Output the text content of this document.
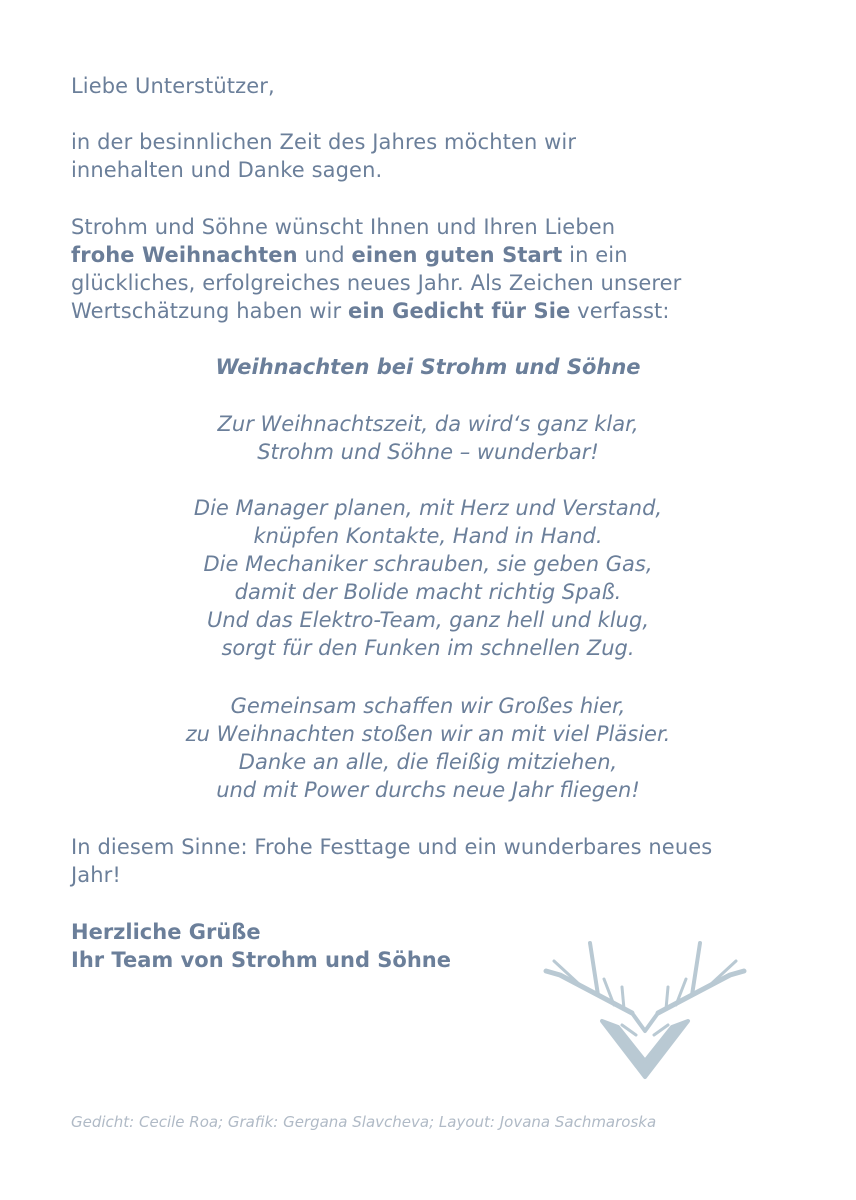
Liebe Unterstützer,
in der besinnlichen Zeit des Jahres möchten wir
innehalten und Danke sagen.
Strohm und Söhne wünscht Ihnen und Ihren Lieben
frohe Weihnachten und einen guten Start in ein
glückliches, erfolgreiches neues Jahr. Als Zeichen unserer
Wertschätzung haben wir ein Gedicht für Sie verfasst:
Weihnachten bei Strohm und Söhne
Zur Weihnachtszeit, da wird‘s ganz klar,
Strohm und Söhne – wunderbar!
Die Manager planen, mit Herz und Verstand,
knüpfen Kontakte, Hand in Hand.
Die Mechaniker schrauben, sie geben Gas,
damit der Bolide macht richtig Spaß.
Und das Elektro-Team, ganz hell und klug,
sorgt für den Funken im schnellen Zug.
Gemeinsam schaffen wir Großes hier,
zu Weihnachten stoßen wir an mit viel Pläsier.
Danke an alle, die fleißig mitziehen,
und mit Power durchs neue Jahr fliegen!
In diesem Sinne: Frohe Festtage und ein wunderbares neues
Jahr!
Herzliche Grüße
Ihr Team von Strohm und Söhne
Gedicht: Cecile Roa; Grafik: Gergana Slavcheva; Layout: Jovana Sachmaroska
